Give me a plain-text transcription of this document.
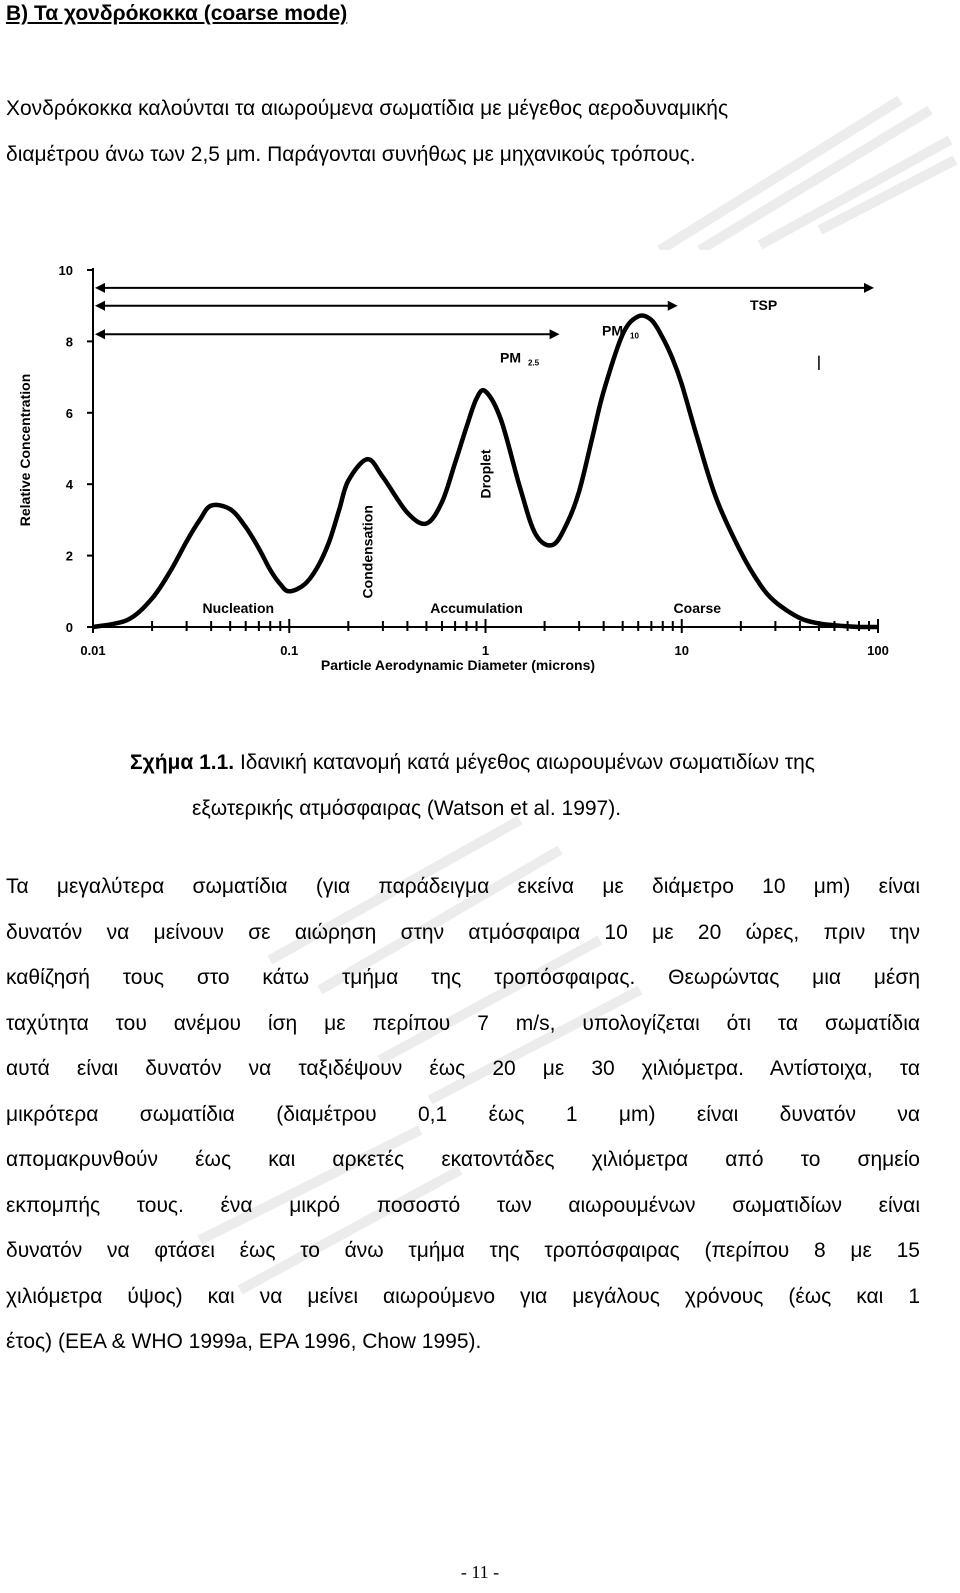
B) Τα χονδρόκοκκα (coarse mode)

Χονδρόκοκκα καλούνται τα αιωρούμενα σωματίδια με μέγεθος αεροδυναμικής
διαμέτρου άνω των 2,5 μm. Παράγονται συνήθως με μηχανικούς τρόπους.

0
2
4
6
8
10
0.01	0.1	1	10	100
Particle Aerodynamic Diameter (microns)
Relative Concentration
TSP
PM 10
PM 2.5
Condensation
Droplet
Nucleation	Accumulation	Coarse

Σχήμα 1.1. Ιδανική κατανομή κατά μέγεθος αιωρουμένων σωματιδίων της
εξωτερικής ατμόσφαιρας (Watson et al. 1997).

Τα μεγαλύτερα σωματίδια (για παράδειγμα εκείνα με διάμετρο 10 μm) είναι
δυνατόν να μείνουν σε αιώρηση στην ατμόσφαιρα 10 με 20 ώρες, πριν την
καθίζησή τους στο κάτω τμήμα της τροπόσφαιρας. Θεωρώντας μια μέση
ταχύτητα του ανέμου ίση με περίπου 7 m/s, υπολογίζεται ότι τα σωματίδια
αυτά είναι δυνατόν να ταξιδέψουν έως 20 με 30 χιλιόμετρα. Αντίστοιχα, τα
μικρότερα σωματίδια (διαμέτρου 0,1 έως 1 μm) είναι δυνατόν να
απομακρυνθούν έως και αρκετές εκατοντάδες χιλιόμετρα από το σημείο
εκπομπής τους. ένα μικρό ποσοστό των αιωρουμένων σωματιδίων είναι
δυνατόν να φτάσει έως το άνω τμήμα της τροπόσφαιρας (περίπου 8 με 15
χιλιόμετρα ύψος) και να μείνει αιωρούμενο για μεγάλους χρόνους (έως και 1
έτος) (EEA & WHO 1999a, EPA 1996, Chow 1995).

- 11 -
